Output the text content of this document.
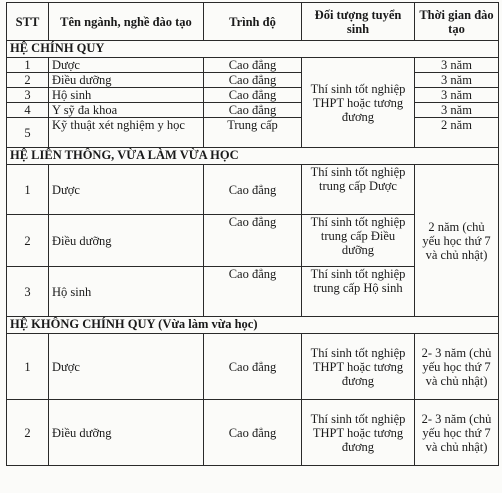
STT	Tên ngành, nghề đào tạo	Trình độ	Đối tượng tuyển sinh	Thời gian đào tạo
HỆ CHÍNH QUY				
1	Dược	Cao đẳng	Thí sinh tốt nghiệp THPT hoặc tương đương	3 năm
2	Điều dưỡng	Cao đẳng		3 năm
3	Hộ sinh	Cao đẳng		3 năm
4	Y sỹ đa khoa	Cao đẳng		3 năm
5	Kỹ thuật xét nghiệm y học	Trung cấp		2 năm
HỆ LIÊN THÔNG, VỪA LÀM VỪA HỌC				
1	Dược	Cao đẳng	Thí sinh tốt nghiệp trung cấp Dược	2 năm (chủ yếu học thứ 7 và chủ nhật)
2	Điều dưỡng	Cao đẳng	Thí sinh tốt nghiệp trung cấp Điều dưỡng	
3	Hộ sinh	Cao đẳng	Thí sinh tốt nghiệp trung cấp Hộ sinh	
HỆ KHÔNG CHÍNH QUY (Vừa làm vừa học)				
1	Dược	Cao đẳng	Thí sinh tốt nghiệp THPT hoặc tương đương	2- 3 năm (chủ yếu học thứ 7 và chủ nhật)
2	Điều dưỡng	Cao đẳng	Thí sinh tốt nghiệp THPT hoặc tương đương	2- 3 năm (chủ yếu học thứ 7 và chủ nhật)
